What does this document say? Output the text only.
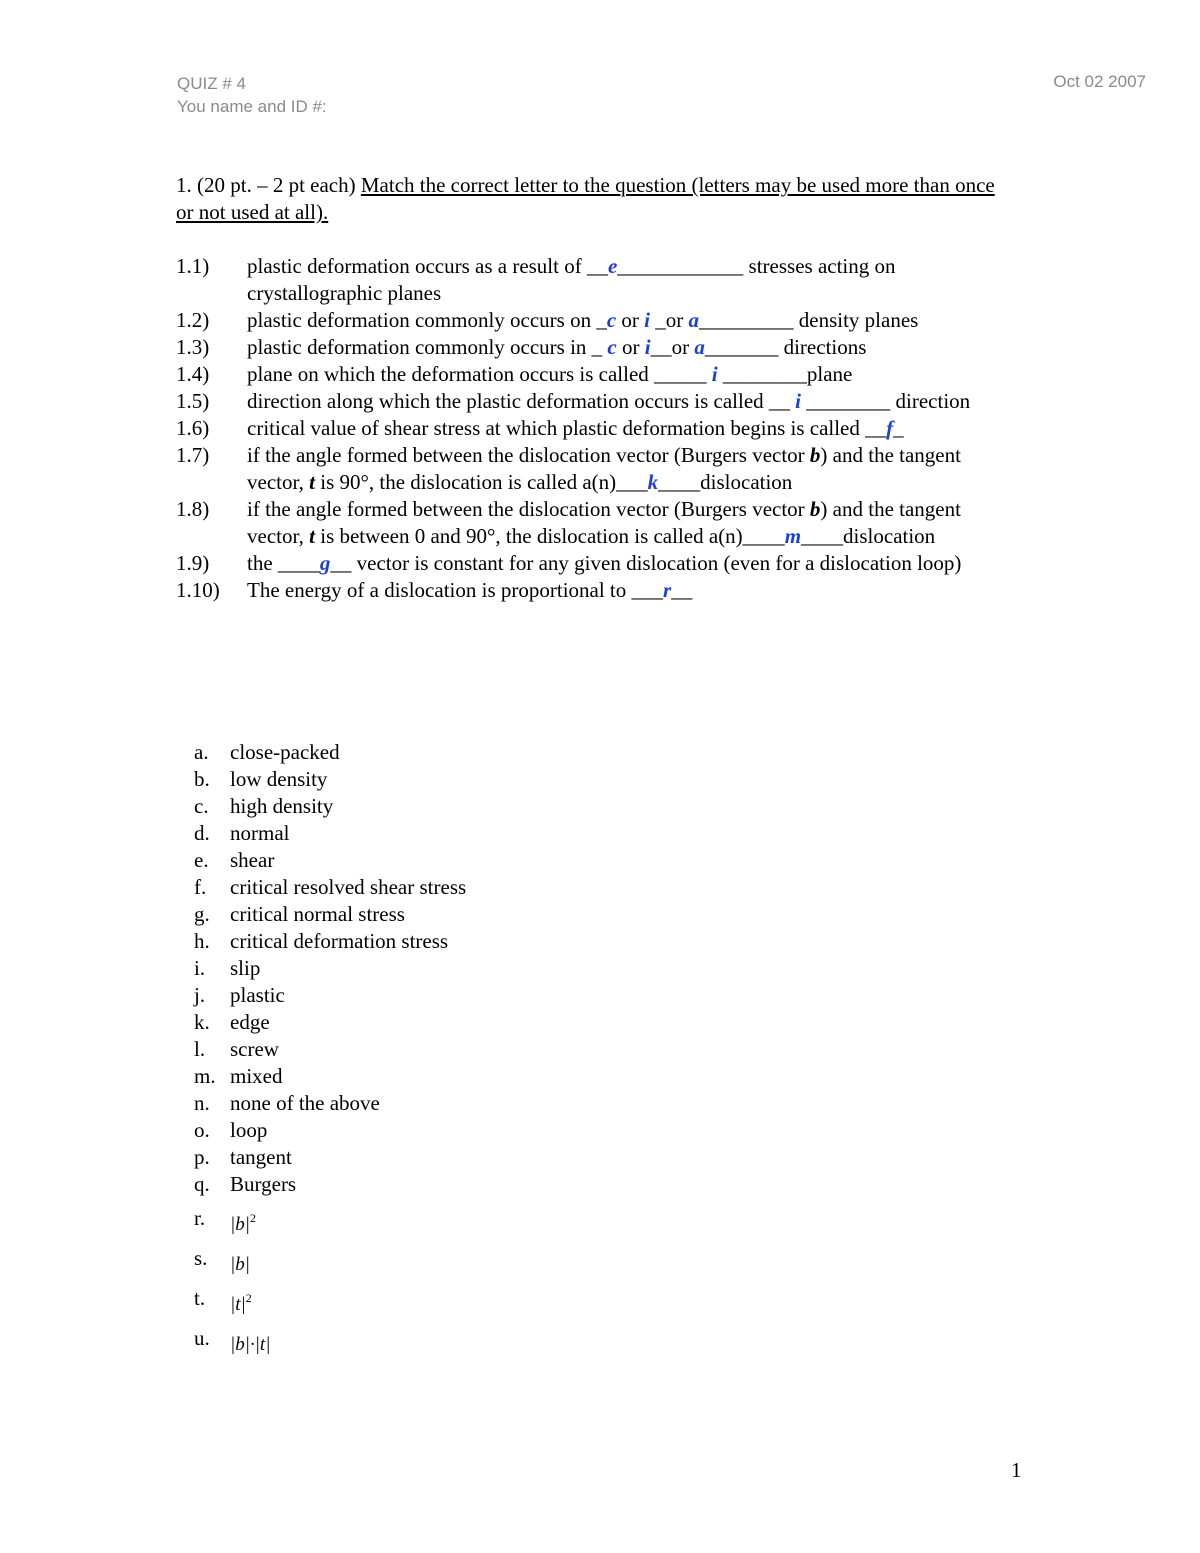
QUIZ # 4
You name and ID #:
Oct 02 2007
1. (20 pt. – 2 pt each) Match the correct letter to the question (letters may be used more than once or not used at all).
1.1) plastic deformation occurs as a result of __e____________ stresses acting on crystallographic planes
1.2) plastic deformation commonly occurs on _c or i _or a_________ density planes
1.3) plastic deformation commonly occurs in _ c or i__or a_______ directions
1.4) plane on which the deformation occurs is called _____ i ________plane
1.5) direction along which the plastic deformation occurs is called __ i ________ direction
1.6) critical value of shear stress at which plastic deformation begins is called __f_
1.7) if the angle formed between the dislocation vector (Burgers vector b) and the tangent vector, t is 90°, the dislocation is called a(n)___k____dislocation
1.8) if the angle formed between the dislocation vector (Burgers vector b) and the tangent vector, t is between 0 and 90°, the dislocation is called a(n)____m____dislocation
1.9) the ____g__ vector is constant for any given dislocation (even for a dislocation loop)
1.10) The energy of a dislocation is proportional to ___r__
a. close-packed
b. low density
c. high density
d. normal
e. shear
f. critical resolved shear stress
g. critical normal stress
h. critical deformation stress
i. slip
j. plastic
k. edge
l. screw
m. mixed
n. none of the above
o. loop
p. tangent
q. Burgers
r. $|b|^2$
s. |b|
t. $|t|^2$
u. |b|·|t|
1
